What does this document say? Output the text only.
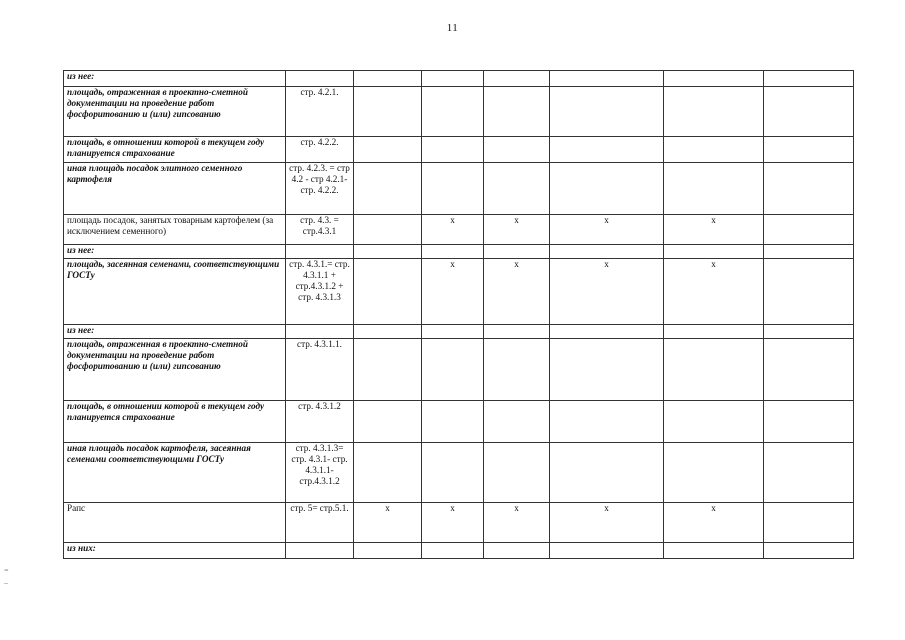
11
из нее:								
площадь, отраженная в проектно-сметной документации на проведение работ фосфоритованию и (или) гипсованию	стр. 4.2.1.							
площадь, в отношении которой в текущем году планируется страхование	стр. 4.2.2.							
иная площадь посадок элитного семенного картофеля	стр. 4.2.3. = стр 4.2 - стр 4.2.1-стр. 4.2.2.							
площадь посадок, занятых товарным картофелем (за исключением семенного)	стр. 4.3. = стр.4.3.1		x	x	x	x		
из нее:								
площадь, засеянная семенами, соответствующими ГОСТу	стр. 4.3.1.= стр. 4.3.1.1 + стр.4.3.1.2 + стр. 4.3.1.3		x	x	x	x		
из нее:								
площадь, отраженная в проектно-сметной документации на проведение работ фосфоритованию и (или) гипсованию	стр. 4.3.1.1.							
площадь, в отношении которой в текущем году планируется страхование	стр. 4.3.1.2							
иная площадь посадок картофеля, засеянная семенами соответствующими ГОСТу	стр. 4.3.1.3= стр. 4.3.1- стр. 4.3.1.1- стр.4.3.1.2							
Рапс	стр. 5= стр.5.1.	x	x	x	x	x		
из них:								
=
–
